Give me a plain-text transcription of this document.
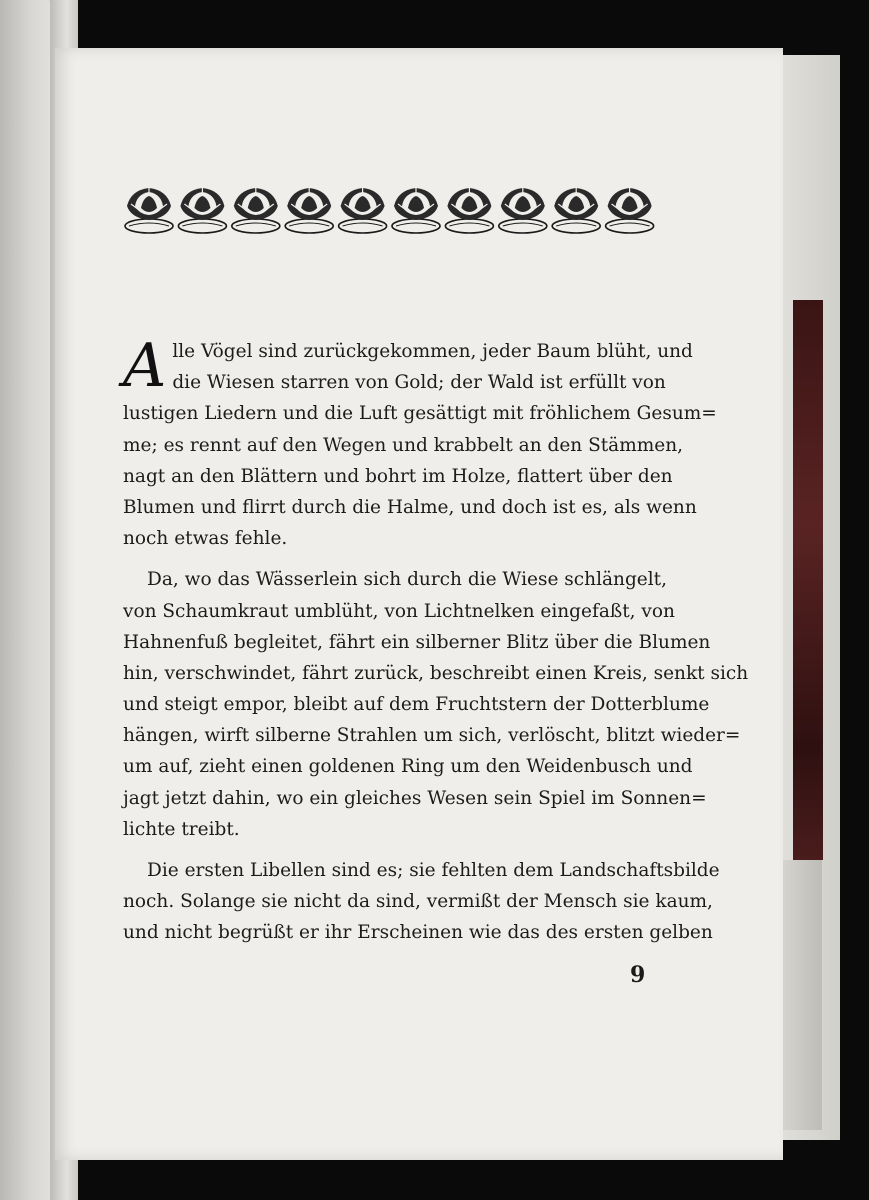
A lle Vögel sind zurückgekommen, jeder Baum blüht, und
die Wiesen starren von Gold; der Wald ist erfüllt von
lustigen Liedern und die Luft gesättigt mit fröhlichem Gesum=
me; es rennt auf den Wegen und krabbelt an den Stämmen,
nagt an den Blättern und bohrt im Holze, flattert über den
Blumen und flirrt durch die Halme, und doch ist es, als wenn
noch etwas fehle.
Da, wo das Wässerlein sich durch die Wiese schlängelt,
von Schaumkraut umblüht, von Lichtnelken eingefaßt, von
Hahnenfuß begleitet, fährt ein silberner Blitz über die Blumen
hin, verschwindet, fährt zurück, beschreibt einen Kreis, senkt sich
und steigt empor, bleibt auf dem Fruchtstern der Dotterblume
hängen, wirft silberne Strahlen um sich, verlöscht, blitzt wieder=
um auf, zieht einen goldenen Ring um den Weidenbusch und
jagt jetzt dahin, wo ein gleiches Wesen sein Spiel im Sonnen=
lichte treibt.
Die ersten Libellen sind es; sie fehlten dem Landschaftsbilde
noch. Solange sie nicht da sind, vermißt der Mensch sie kaum,
und nicht begrüßt er ihr Erscheinen wie das des ersten gelben
9
